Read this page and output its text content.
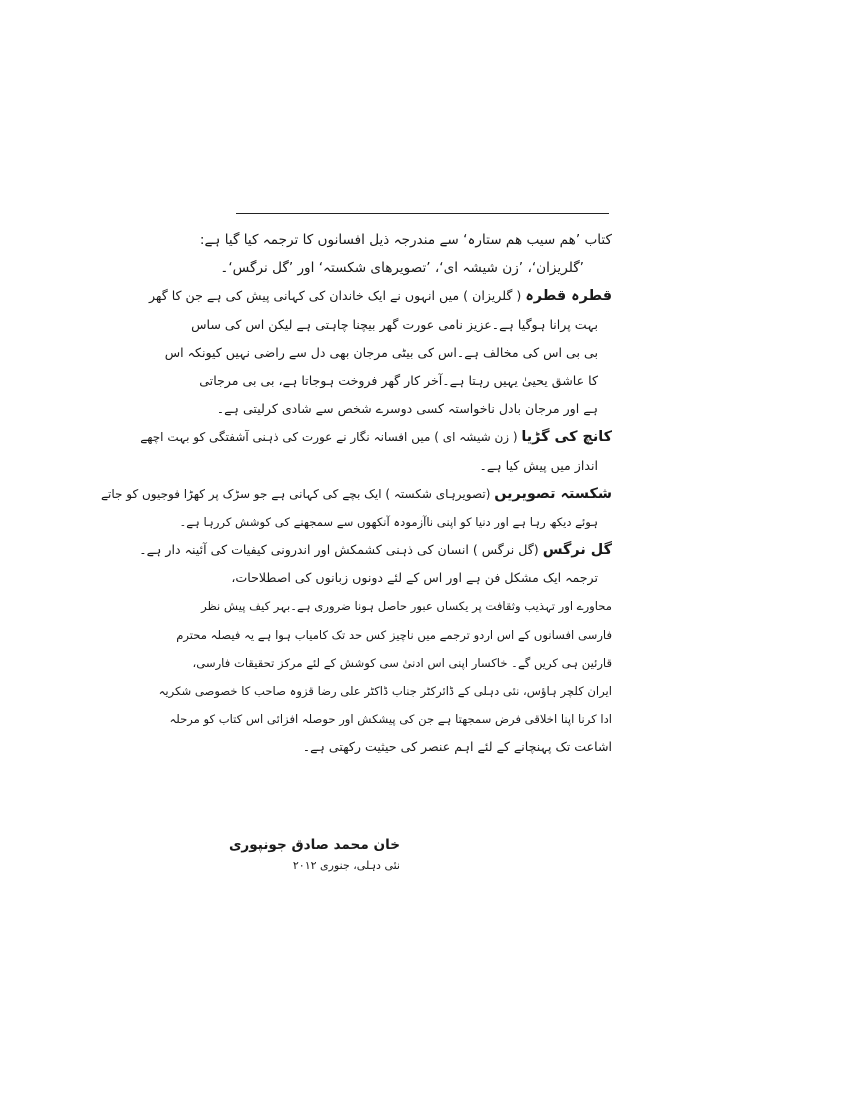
کتاب ’ھم سیب ھم ستارہ‘ سے مندرجہ ذیل افسانوں کا ترجمہ کیا گیا ہے:
’گلریزان‘، ’زن شیشہ ای‘، ’تصویرھای شکستہ‘ اور ’گل نرگس‘۔
قطرہ قطرہ ( گلریزان ) میں انہوں نے ایک خاندان کی کہانی پیش کی ہے جن کا گھر
بہت پرانا ہوگیا ہے۔عزیز نامی عورت گھر بیچنا چاہتی ہے لیکن اس کی ساس
بی بی اس کی مخالف ہے۔اس کی بیٹی مرجان بھی دل سے راضی نہیں کیونکہ اس
کا عاشق یحییٰ یہیں رہتا ہے۔آخر کار گھر فروخت ہوجاتا ہے، بی بی مرجاتی
ہے اور مرجان بادل ناخواستہ کسی دوسرے شخص سے شادی کرلیتی ہے۔
کانچ کی گڑیا ( زن شیشہ ای ) میں افسانہ نگار نے عورت کی ذہنی آشفتگی کو بہت اچھے
انداز میں پیش کیا ہے۔
شکستہ تصویریں (تصویرہای شکستہ ) ایک بچے کی کہانی ہے جو سڑک پر کھڑا فوجیوں کو جاتے
ہوئے دیکھ رہا ہے اور دنیا کو اپنی ناآزمودہ آنکھوں سے سمجھنے کی کوشش کررہا ہے۔
گل نرگس (گل نرگس ) انسان کی ذہنی کشمکش اور اندرونی کیفیات کی آئینہ دار ہے۔
ترجمہ ایک مشکل فن ہے اور اس کے لئے دونوں زبانوں کی اصطلاحات،
محاورے اور تہذیب وثقافت پر یکساں عبور حاصل ہونا ضروری ہے۔بہر کیف پیش نظر
فارسی افسانوں کے اس اردو ترجمے میں ناچیز کس حد تک کامیاب ہوا ہے یہ فیصلہ محترم
قارئین ہی کریں گے۔ خاکسار اپنی اس ادنیٰ سی کوشش کے لئے مرکز تحقیقات فارسی،
ایران کلچر ہاؤس، نئی دہلی کے ڈائرکٹر جناب ڈاکٹر علی رضا قزوہ صاحب کا خصوصی شکریہ
ادا کرنا اپنا اخلاقی فرض سمجھتا ہے جن کی پیشکش اور حوصلہ افزائی اس کتاب کو مرحلہ
اشاعت تک پہنچانے کے لئے اہم عنصر کی حیثیت رکھتی ہے۔
خان محمد صادق جونپوری
نئی دہلی، جنوری ۲۰۱۲
